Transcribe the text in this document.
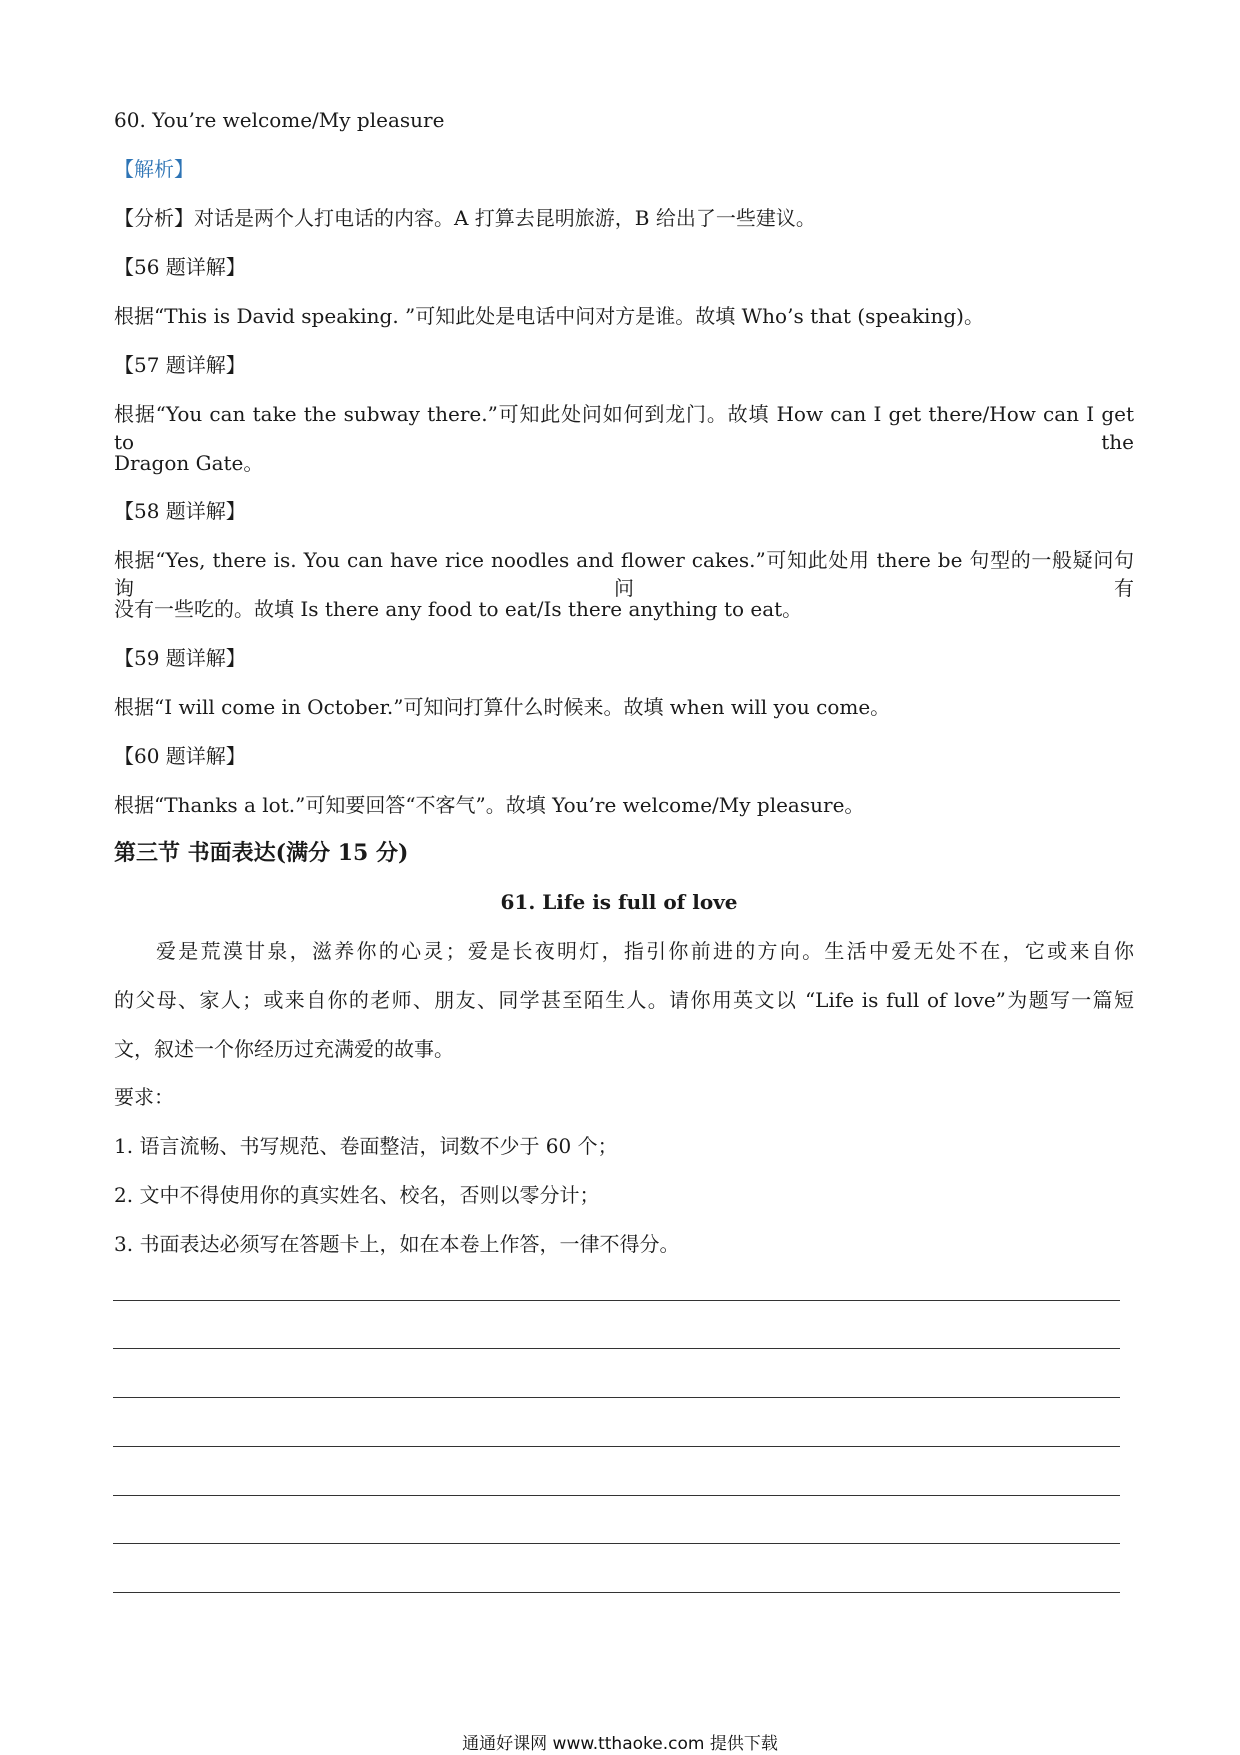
60. You’re welcome/My pleasure
【解析】
【分析】对话是两个人打电话的内容。A 打算去昆明旅游，B 给出了一些建议。
【56 题详解】
根据“This is David speaking. ”可知此处是电话中问对方是谁。故填 Who’s that (speaking)。
【57 题详解】
根据“You can take the subway there.”可知此处问如何到龙门。故填 How can I get there/How can I get to the
Dragon Gate。
【58 题详解】
根据“Yes, there is. You can have rice noodles and flower cakes.”可知此处用 there be 句型的一般疑问句询问有
没有一些吃的。故填 Is there any food to eat/Is there anything to eat。
【59 题详解】
根据“I will come in October.”可知问打算什么时候来。故填 when will you come。
【60 题详解】
根据“Thanks a lot.”可知要回答“不客气”。故填 You’re welcome/My pleasure。
第三节 书面表达(满分 15 分)
61. Life is full of love
爱是荒漠甘泉，滋养你的心灵；爱是长夜明灯，指引你前进的方向。生活中爱无处不在，它或来自你
的父母、家人；或来自你的老师、朋友、同学甚至陌生人。请你用英文以 “Life is full of love”为题写一篇短
文，叙述一个你经历过充满爱的故事。
要求：
1. 语言流畅、书写规范、卷面整洁，词数不少于 60 个；
2. 文中不得使用你的真实姓名、校名，否则以零分计；
3. 书面表达必须写在答题卡上，如在本卷上作答，一律不得分。
通通好课网 www.tthaoke.com 提供下载
